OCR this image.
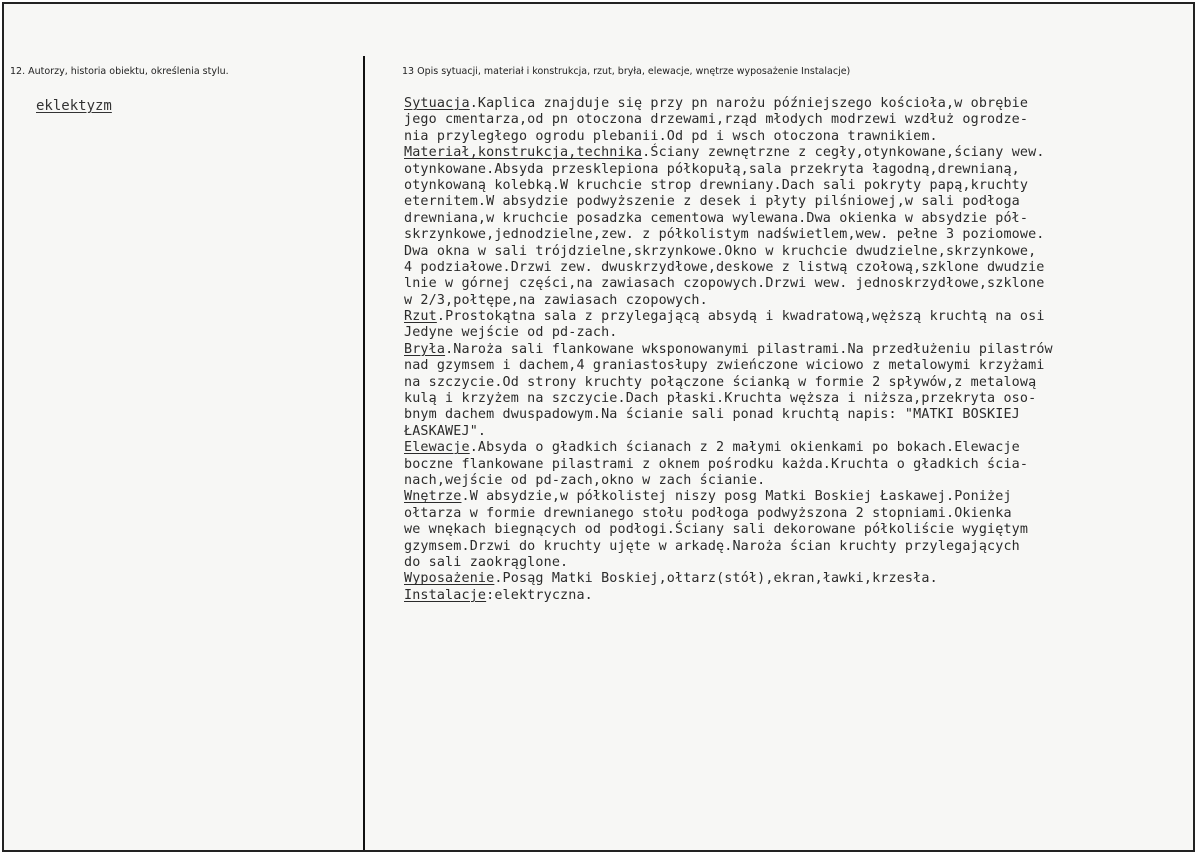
12. Autorzy, historia obiektu, określenia stylu.	13 Opis sytuacji, materiał i konstrukcja, rzut, bryła, elewacje, wnętrze wyposażenie Instalacje)
eklektyzm	Sytuacja.Kaplica znajduje się przy pn narożu późniejszego kościoła,w obrębie
jego cmentarza,od pn otoczona drzewami,rząd młodych modrzewi wzdłuż ogrodze-
nia przyległego ogrodu plebanii.Od pd i wsch otoczona trawnikiem.
Materiał,konstrukcja,technika.Ściany zewnętrzne z cegły,otynkowane,ściany wew.
otynkowane.Absyda przesklepiona półkopułą,sala przekryta łagodną,drewnianą,
otynkowaną kolebką.W kruchcie strop drewniany.Dach sali pokryty papą,kruchty
eternitem.W absydzie podwyższenie z desek i płyty pilśniowej,w sali podłoga
drewniana,w kruchcie posadzka cementowa wylewana.Dwa okienka w absydzie pół-
skrzynkowe,jednodzielne,zew. z półkolistym nadświetlem,wew. pełne 3 poziomowe.
Dwa okna w sali trójdzielne,skrzynkowe.Okno w kruchcie dwudzielne,skrzynkowe,
4 podziałowe.Drzwi zew. dwuskrzydłowe,deskowe z listwą czołową,szklone dwudzie
lnie w górnej części,na zawiasach czopowych.Drzwi wew. jednoskrzydłowe,szklone
w 2/3,połtępe,na zawiasach czopowych.
Rzut.Prostokątna sala z przylegającą absydą i kwadratową,węższą kruchtą na osi
Jedyne wejście od pd-zach.
Bryła.Naroża sali flankowane wksponowanymi pilastrami.Na przedłużeniu pilastrów
nad gzymsem i dachem,4 graniastosłupy zwieńczone wiciowo z metalowymi krzyżami
na szczycie.Od strony kruchty połączone ścianką w formie 2 spływów,z metalową
kulą i krzyżem na szczycie.Dach płaski.Kruchta węższa i niższa,przekryta oso-
bnym dachem dwuspadowym.Na ścianie sali ponad kruchtą napis: "MATKI BOSKIEJ
ŁASKAWEJ".
Elewacje.Absyda o gładkich ścianach z 2 małymi okienkami po bokach.Elewacje
boczne flankowane pilastrami z oknem pośrodku każda.Kruchta o gładkich ścia-
nach,wejście od pd-zach,okno w zach ścianie.
Wnętrze.W absydzie,w półkolistej niszy posg Matki Boskiej Łaskawej.Poniżej
ołtarza w formie drewnianego stołu podłoga podwyższona 2 stopniami.Okienka
we wnękach biegnących od podłogi.Ściany sali dekorowane półkoliście wygiętym
gzymsem.Drzwi do kruchty ujęte w arkadę.Naroża ścian kruchty przylegających
do sali zaokrąglone.
Wyposażenie.Posąg Matki Boskiej,ołtarz(stół),ekran,ławki,krzesła.
Instalacje:elektryczna.
